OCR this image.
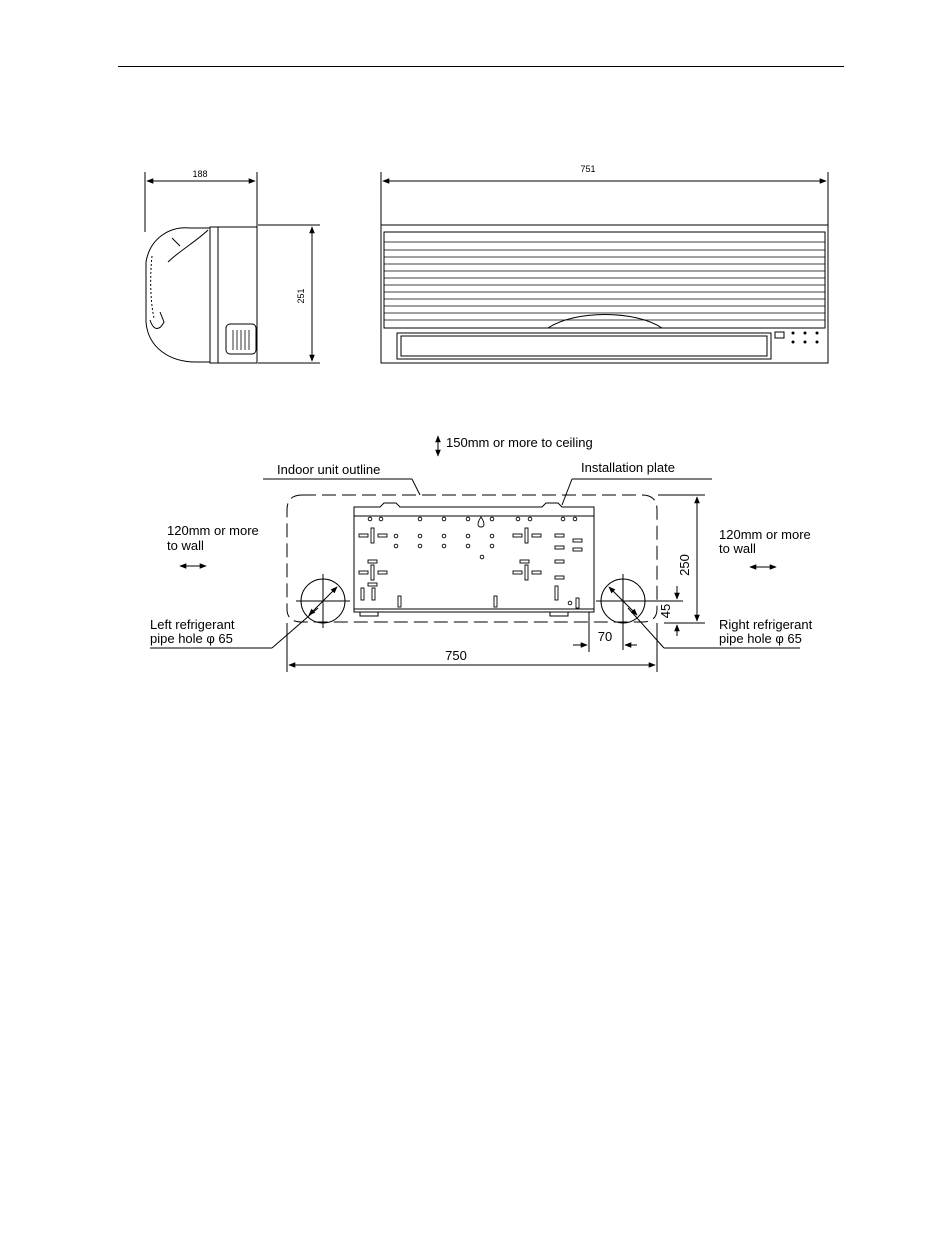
188
251
751
150mm or more to ceiling
Indoor unit outline	Installation plate
120mm or more
to wall
120mm or more
to wall
Left refrigerant
pipe hole φ 65
Right refrigerant
pipe hole φ 65
750
70
250
45
